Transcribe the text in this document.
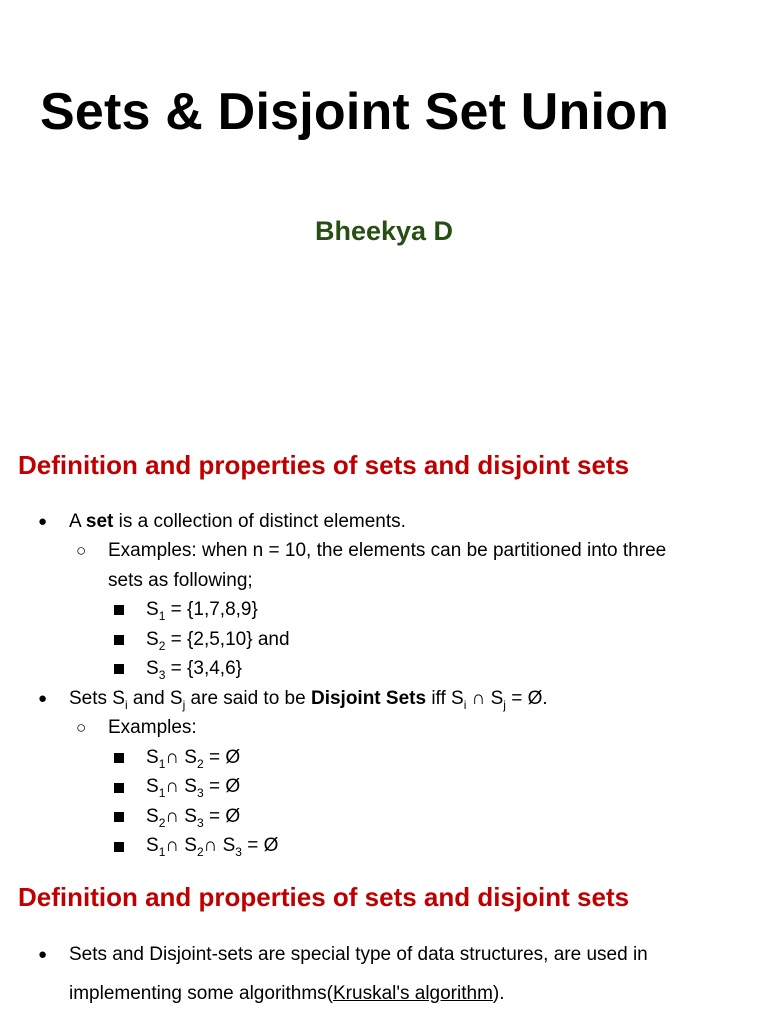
Sets & Disjoint Set Union
Bheekya D
Definition and properties of sets and disjoint sets
● A set is a collection of distinct elements.
○ Examples: when n = 10, the elements can be partitioned into three
sets as following;
$S_1 = \{1,7,8,9\}$
$S_2 = \{2,5,10\}$ and
$S_3 = \{3,4,6\}$
● Sets $S_i$ and $S_j$ are said to be Disjoint Sets iff $S_i$ ∩ $S_j$ = Ø.
○ Examples:
$S_1\cap$ $S_2$ = Ø
$S_1\cap$ $S_3$ = Ø
$S_2\cap$ $S_3$ = Ø
$S_1\cap$ $S_2\cap$ $S_3$ = Ø
Definition and properties of sets and disjoint sets
● Sets and Disjoint-sets are special type of data structures, are used in
implementing some algorithms(Kruskal's algorithm).
